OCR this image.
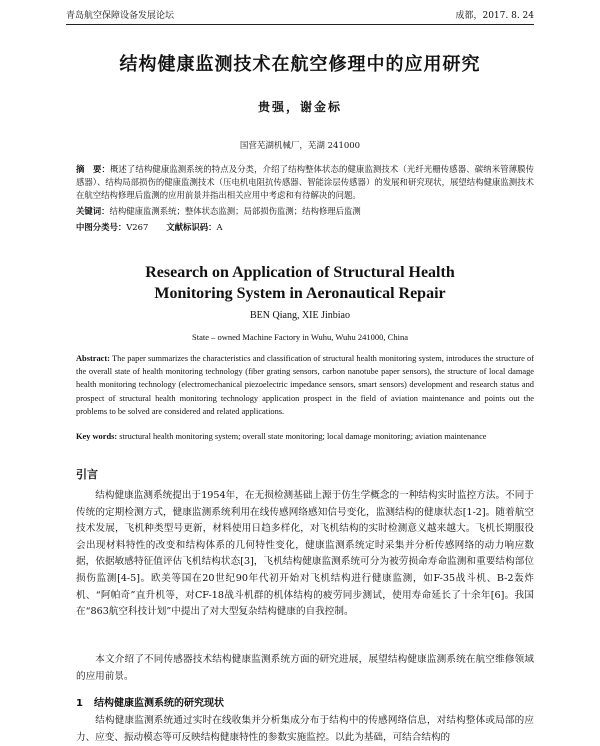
青岛航空保障设备发展论坛	成都，2017. 8. 24
结构健康监测技术在航空修理中的应用研究
贵强，谢金标
国营芜湖机械厂，芜湖 241000
摘　要：概述了结构健康监测系统的特点及分类，介绍了结构整体状态的健康监测技术（光纤光栅传感器、碳纳米管薄膜传感器）、结构局部损伤的健康监测技术（压电机电阻抗传感器、智能涂层传感器）的发展和研究现状，展望结构健康监测技术在航空结构修理后监测的应用前景并指出相关应用中考虑和有待解决的问题。
关键词：结构健康监测系统；整体状态监测；局部损伤监测；结构修理后监测
中图分类号：V267 文献标识码：A
Research on Application of Structural Health
Monitoring System in Aeronautical Repair
BEN Qiang, XIE Jinbiao
State – owned Machine Factory in Wuhu, Wuhu 241000, China
Abstract: The paper summarizes the characteristics and classification of structural health monitoring system, introduces the structure of the overall state of health monitoring technology (fiber grating sensors, carbon nanotube paper sensors), the structure of local damage health monitoring technology (electromechanical piezoelectric impedance sensors, smart sensors) development and research status and prospect of structural health monitoring technology application prospect in the field of aviation maintenance and points out the problems to be solved are considered and related applications.
Key words: structural health monitoring system; overall state monitoring; local damage monitoring; aviation maintenance
引言

结构健康监测系统提出于1954年，在无损检测基础上源于仿生学概念的一种结构实时监控方法。不同于传统的定期检测方式，健康监测系统利用在线传感网络感知信号变化，监测结构的健康状态[1-2]。随着航空技术发展，飞机种类型号更新，材料使用日趋多样化，对飞机结构的实时检测意义越来越大。飞机长期服役会出现材料特性的改变和结构体系的几何特性变化，健康监测系统定时采集并分析传感网络的动力响应数据，依据敏感特征值评估飞机结构状态[3]，飞机结构健康监测系统可分为被劳损命寿命监测和重要结构部位损伤监测[4-5]。欧美等国在20世纪90年代初开始对飞机结构进行健康监测，如F-35战斗机、B-2轰炸机、“阿帕奇”直升机等，对CF-18战斗机群的机体结构的疲劳同步测试，使用寿命延长了十余年[6]。我国在“863航空科技计划”中提出了对大型复杂结构健康的自我控制。

本文介绍了不同传感器技术结构健康监测系统方面的研究进展，展望结构健康监测系统在航空维修领域的应用前景。

1 结构健康监测系统的研究现状

结构健康监测系统通过实时在线收集并分析集成分布于结构中的传感网络信息，对结构整体或局部的应力、应变、振动模态等可反映结构健康特性的参数实施监控。以此为基础，可结合结构的
